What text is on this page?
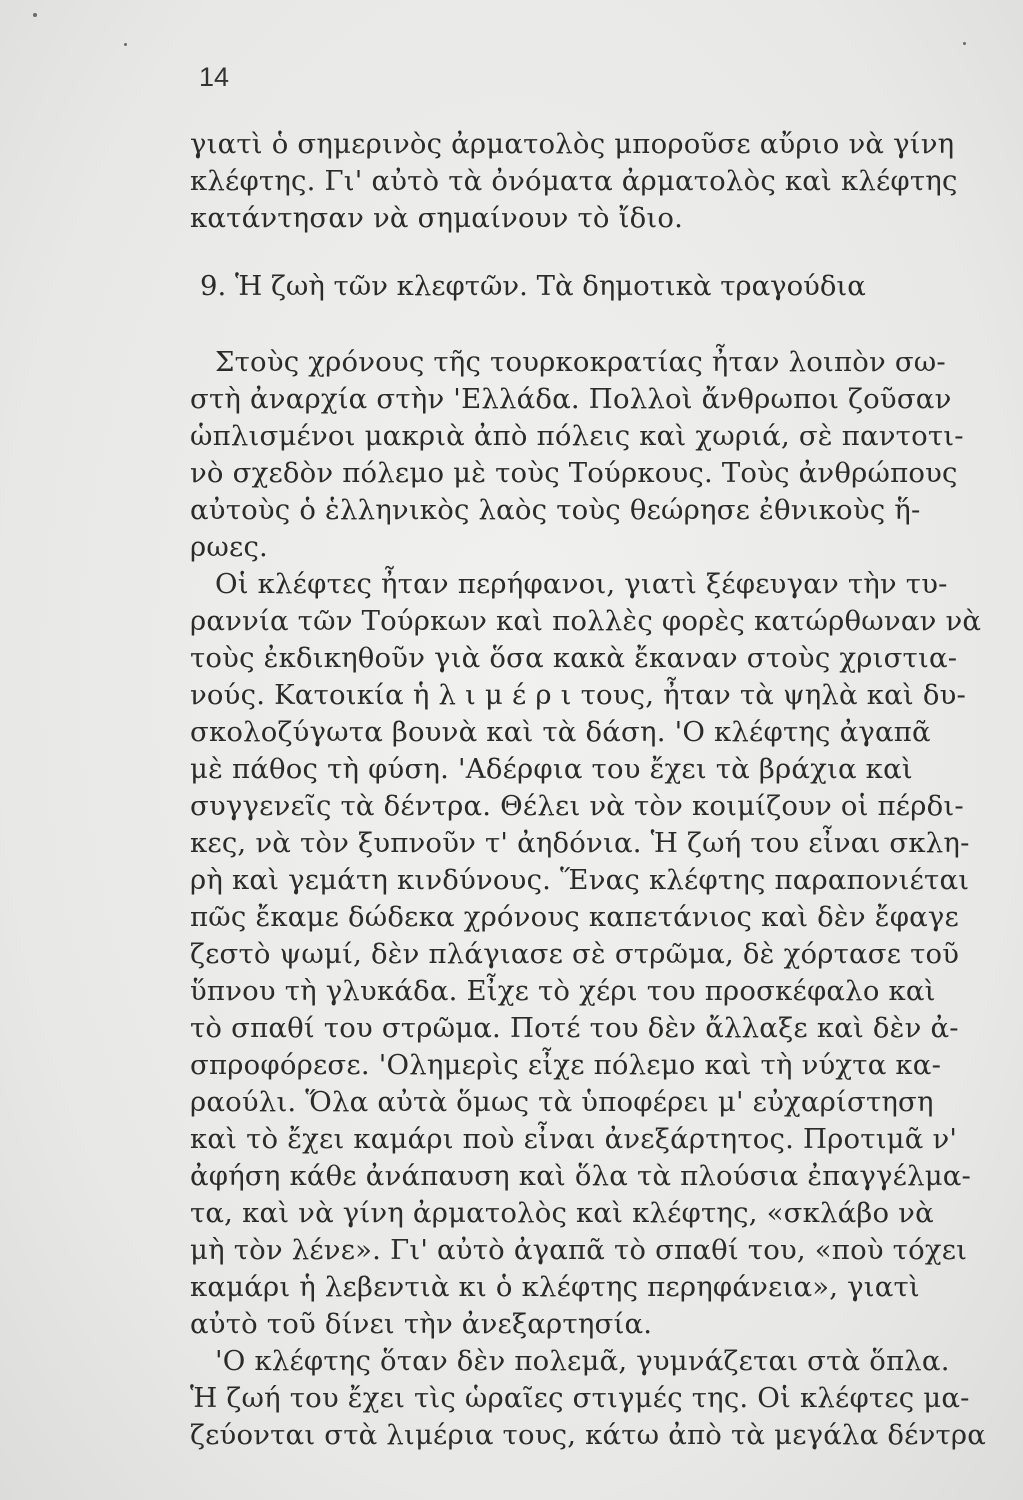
14
γιατὶ ὁ σημερινὸς ἀρματολὸς μποροῦσε αὔριο νὰ γίνη
κλέφτης. Γι' αὐτὸ τὰ ὀνόματα ἀρματολὸς καὶ κλέφτης
κατάντησαν νὰ σημαίνουν τὸ ἴδιο.
9. Ἡ ζωὴ τῶν κλεφτῶν. Τὰ δημοτικὰ τραγούδια
Στοὺς χρόνους τῆς τουρκοκρατίας ἦταν λοιπὸν σω-
στὴ ἀναρχία στὴν 'Ελλάδα. Πολλοὶ ἄνθρωποι ζοῦσαν
ὡπλισμένοι μακριὰ ἀπὸ πόλεις καὶ χωριά, σὲ παντοτι-
νὸ σχεδὸν πόλεμο μὲ τοὺς Τούρκους. Τοὺς ἀνθρώπους
αὐτοὺς ὁ ἑλληνικὸς λαὸς τοὺς θεώρησε ἐθνικοὺς ἥ-
ρωες.
Οἱ κλέφτες ἦταν περήφανοι, γιατὶ ξέφευγαν τὴν τυ-
ραννία τῶν Τούρκων καὶ πολλὲς φορὲς κατώρθωναν νὰ
τοὺς ἐκδικηθοῦν γιὰ ὅσα κακὰ ἔκαναν στοὺς χριστια-
νούς. Κατοικία ἡ λ ι μ έ ρ ι τους, ἦταν τὰ ψηλὰ καὶ δυ-
σκολοζύγωτα βουνὰ καὶ τὰ δάση. 'Ο κλέφτης ἀγαπᾶ
μὲ πάθος τὴ φύση. 'Αδέρφια του ἔχει τὰ βράχια καὶ
συγγενεῖς τὰ δέντρα. Θέλει νὰ τὸν κοιμίζουν οἱ πέρδι-
κες, νὰ τὸν ξυπνοῦν τ' ἀηδόνια. Ἡ ζωή του εἶναι σκλη-
ρὴ καὶ γεμάτη κινδύνους. Ἕνας κλέφτης παραπονιέται
πῶς ἔκαμε δώδεκα χρόνους καπετάνιος καὶ δὲν ἔφαγε
ζεστὸ ψωμί, δὲν πλάγιασε σὲ στρῶμα, δὲ χόρτασε τοῦ
ὕπνου τὴ γλυκάδα. Εἶχε τὸ χέρι του προσκέφαλο καὶ
τὸ σπαθί του στρῶμα. Ποτέ του δὲν ἄλλαξε καὶ δὲν ἀ-
σπροφόρεσε. 'Ολημερὶς εἶχε πόλεμο καὶ τὴ νύχτα κα-
ραούλι. Ὅλα αὐτὰ ὅμως τὰ ὑποφέρει μ' εὐχαρίστηση
καὶ τὸ ἔχει καμάρι ποὺ εἶναι ἀνεξάρτητος. Προτιμᾶ ν'
ἀφήση κάθε ἀνάπαυση καὶ ὅλα τὰ πλούσια ἐπαγγέλμα-
τα, καὶ νὰ γίνη ἀρματολὸς καὶ κλέφτης, «σκλάβο νὰ
μὴ τὸν λένε». Γι' αὐτὸ ἀγαπᾶ τὸ σπαθί του, «ποὺ τόχει
καμάρι ἡ λεβεντιὰ κι ὁ κλέφτης περηφάνεια», γιατὶ
αὐτὸ τοῦ δίνει τὴν ἀνεξαρτησία.
'Ο κλέφτης ὅταν δὲν πολεμᾶ, γυμνάζεται στὰ ὅπλα.
Ἡ ζωή του ἔχει τὶς ὡραῖες στιγμές της. Οἱ κλέφτες μα-
ζεύονται στὰ λιμέρια τους, κάτω ἀπὸ τὰ μεγάλα δέντρα
